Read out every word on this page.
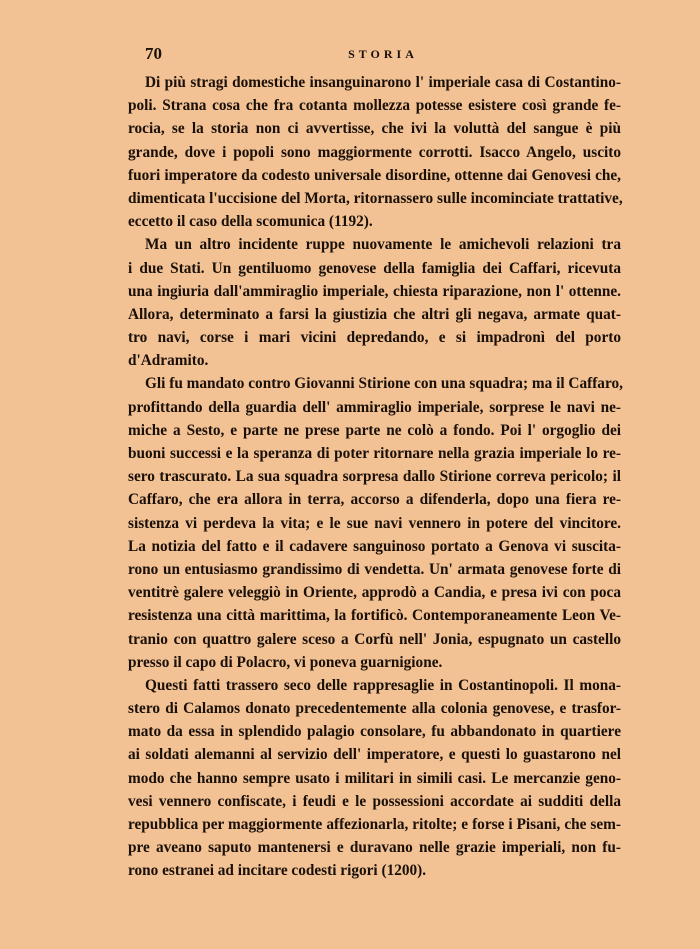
70	STORIA
Di più stragi domestiche insanguinarono l' imperiale casa di Costantino-
poli. Strana cosa che fra cotanta mollezza potesse esistere così grande fe-
rocia, se la storia non ci avvertisse, che ivi la voluttà del sangue è più
grande, dove i popoli sono maggiormente corrotti. Isacco Angelo, uscito
fuori imperatore da codesto universale disordine, ottenne dai Genovesi che,
dimenticata l'uccisione del Morta, ritornassero sulle incominciate trattative,
eccetto il caso della scomunica (1192).
Ma un altro incidente ruppe nuovamente le amichevoli relazioni tra
i due Stati. Un gentiluomo genovese della famiglia dei Caffari, ricevuta
una ingiuria dall'ammiraglio imperiale, chiesta riparazione, non l' ottenne.
Allora, determinato a farsi la giustizia che altri gli negava, armate quat-
tro navi, corse i mari vicini depredando, e si impadronì del porto
d'Adramito.
Gli fu mandato contro Giovanni Stirione con una squadra; ma il Caffaro,
profittando della guardia dell' ammiraglio imperiale, sorprese le navi ne-
miche a Sesto, e parte ne prese parte ne colò a fondo. Poi l' orgoglio dei
buoni successi e la speranza di poter ritornare nella grazia imperiale lo re-
sero trascurato. La sua squadra sorpresa dallo Stirione correva pericolo; il
Caffaro, che era allora in terra, accorso a difenderla, dopo una fiera re-
sistenza vi perdeva la vita; e le sue navi vennero in potere del vincitore.
La notizia del fatto e il cadavere sanguinoso portato a Genova vi suscita-
rono un entusiasmo grandissimo di vendetta. Un' armata genovese forte di
ventitrè galere veleggiò in Oriente, approdò a Candia, e presa ivi con poca
resistenza una città marittima, la fortificò. Contemporaneamente Leon Ve-
tranio con quattro galere sceso a Corfù nell' Jonia, espugnato un castello
presso il capo di Polacro, vi poneva guarnigione.
Questi fatti trassero seco delle rappresaglie in Costantinopoli. Il mona-
stero di Calamos donato precedentemente alla colonia genovese, e trasfor-
mato da essa in splendido palagio consolare, fu abbandonato in quartiere
ai soldati alemanni al servizio dell' imperatore, e questi lo guastarono nel
modo che hanno sempre usato i militari in simili casi. Le mercanzie geno-
vesi vennero confiscate, i feudi e le possessioni accordate ai sudditi della
repubblica per maggiormente affezionarla, ritolte; e forse i Pisani, che sem-
pre aveano saputo mantenersi e duravano nelle grazie imperiali, non fu-
rono estranei ad incitare codesti rigori (1200).
